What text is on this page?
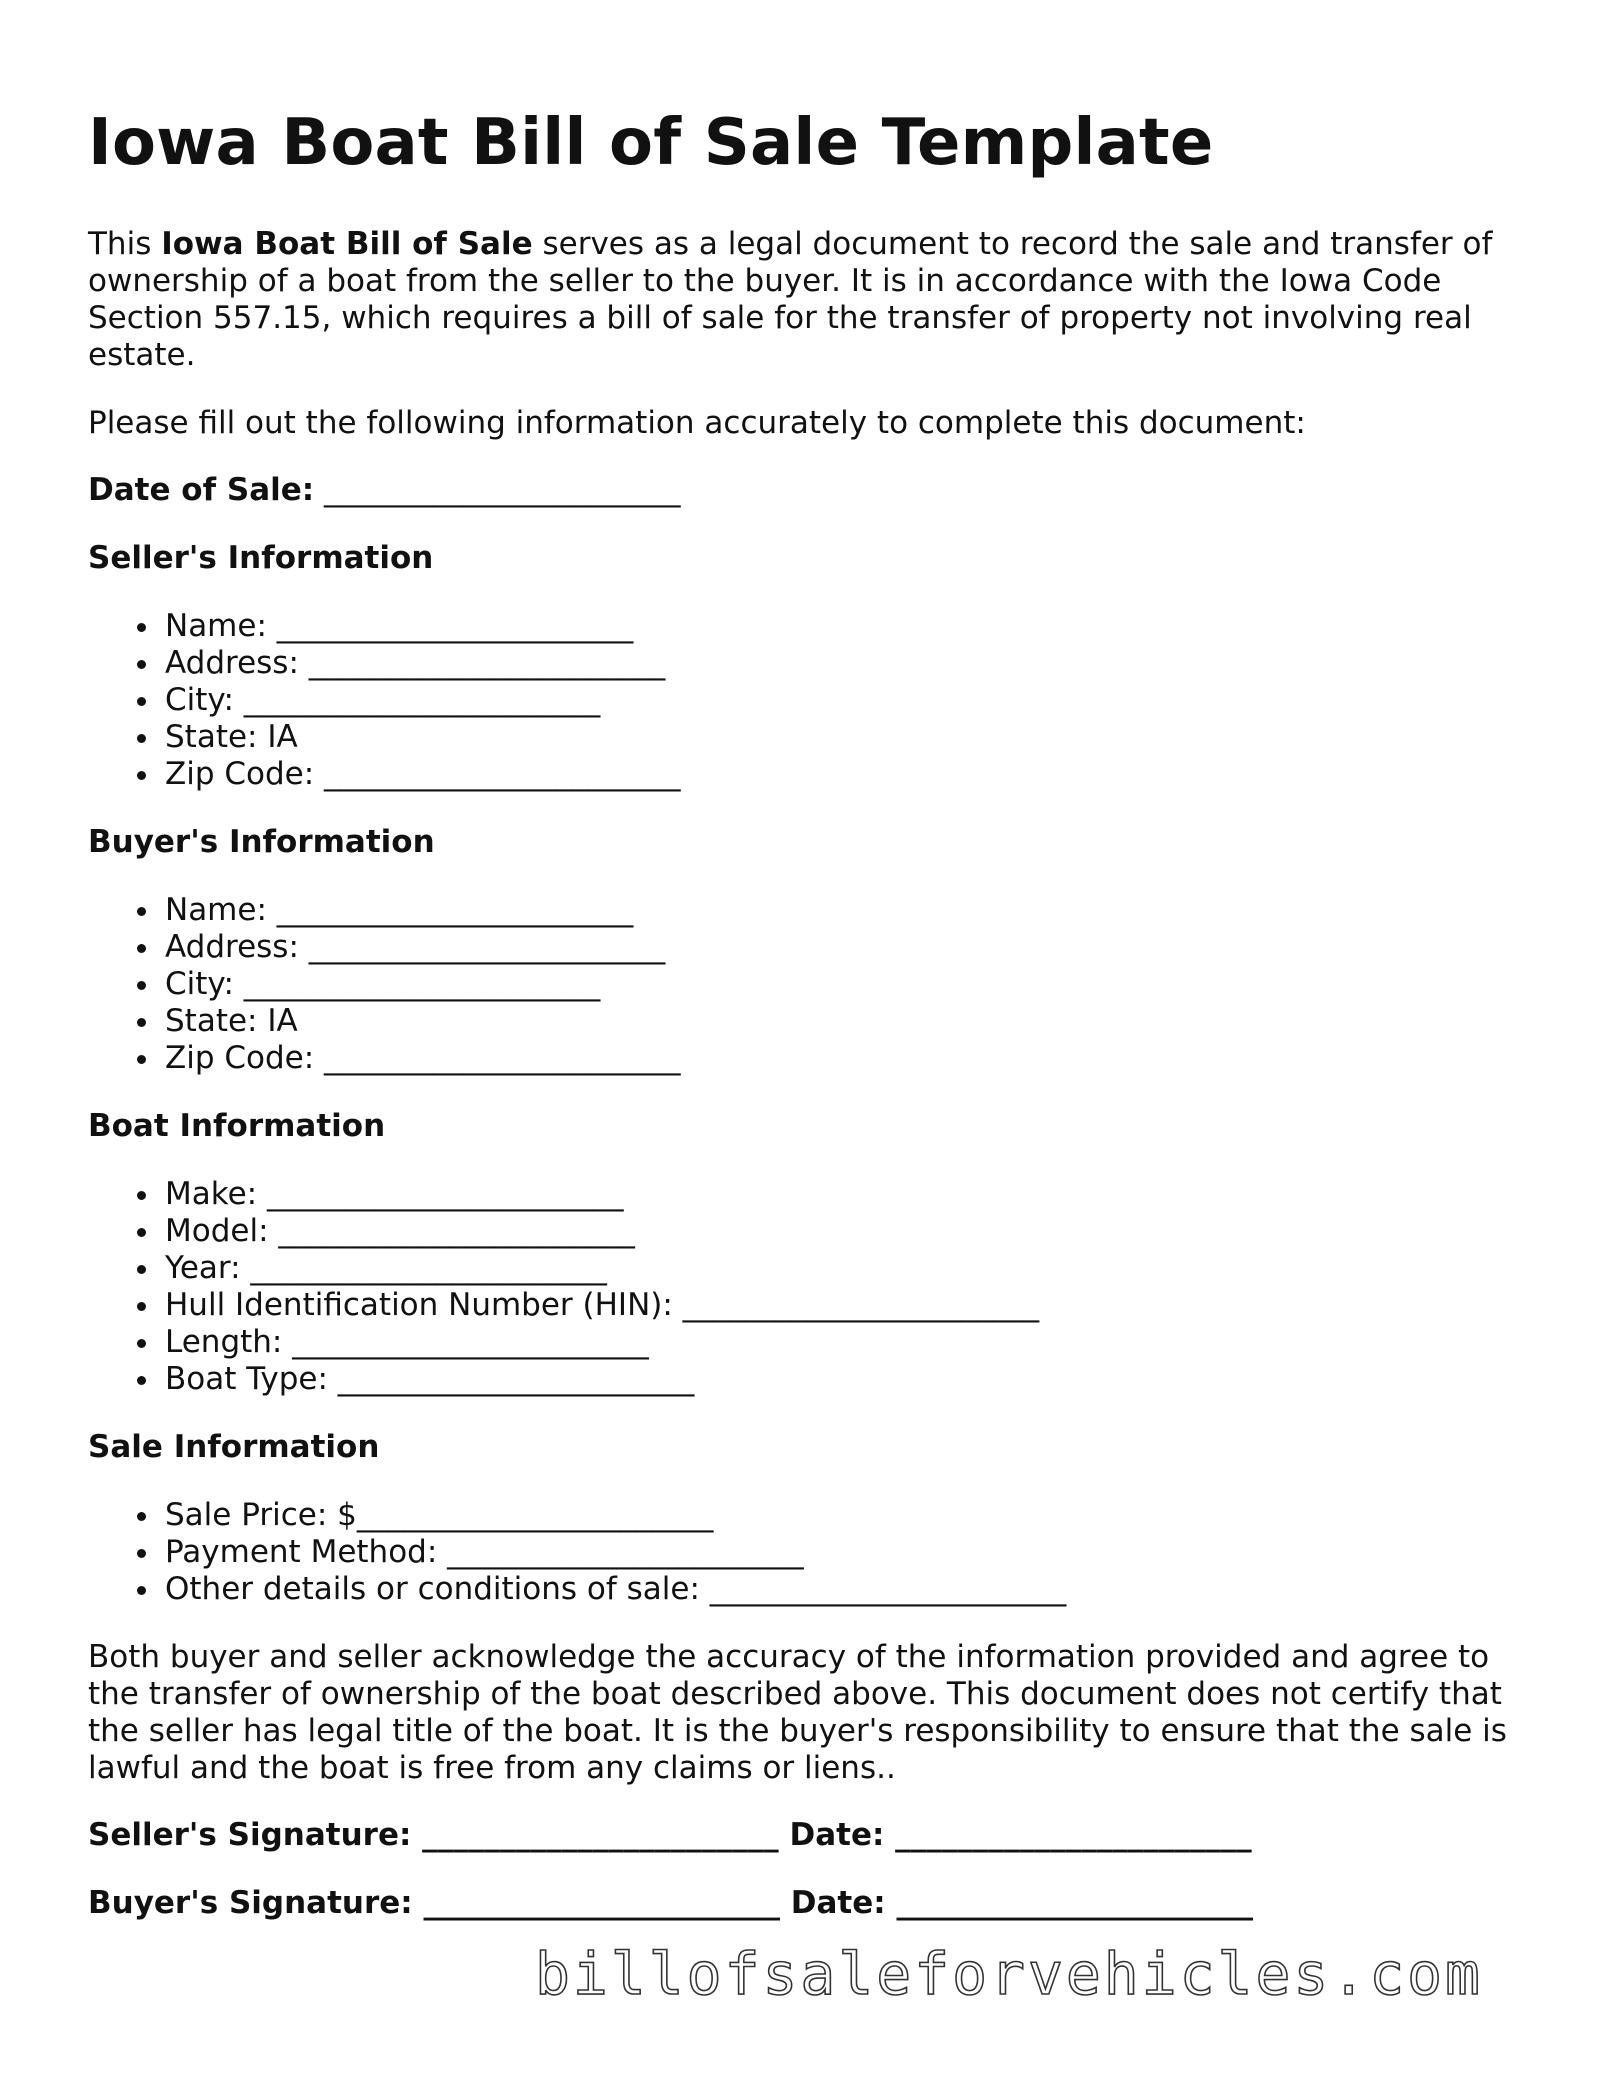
Iowa Boat Bill of Sale Template

This Iowa Boat Bill of Sale serves as a legal document to record the sale and transfer of ownership of a boat from the seller to the buyer. It is in accordance with the Iowa Code Section 557.15, which requires a bill of sale for the transfer of property not involving real estate.

Please fill out the following information accurately to complete this document:

Date of Sale: _______________________
Seller's Information
Name: _______________________
Address: _______________________
City: _______________________
State: IA
Zip Code: _______________________
Buyer's Information
Name: _______________________
Address: _______________________
City: _______________________
State: IA
Zip Code: _______________________
Boat Information
Make: _______________________
Model: _______________________
Year: _______________________
Hull Identification Number (HIN): _______________________
Length: _______________________
Boat Type: _______________________
Sale Information
Sale Price: $_______________________
Payment Method: _______________________
Other details or conditions of sale: _______________________

Both buyer and seller acknowledge the accuracy of the information provided and agree to the transfer of ownership of the boat described above. This document does not certify that the seller has legal title of the boat. It is the buyer's responsibility to ensure that the sale is lawful and the boat is free from any claims or liens..

Seller's Signature: _______________________ Date: _______________________
Buyer's Signature: _______________________ Date: _______________________
billofsaleforvehicles.com
